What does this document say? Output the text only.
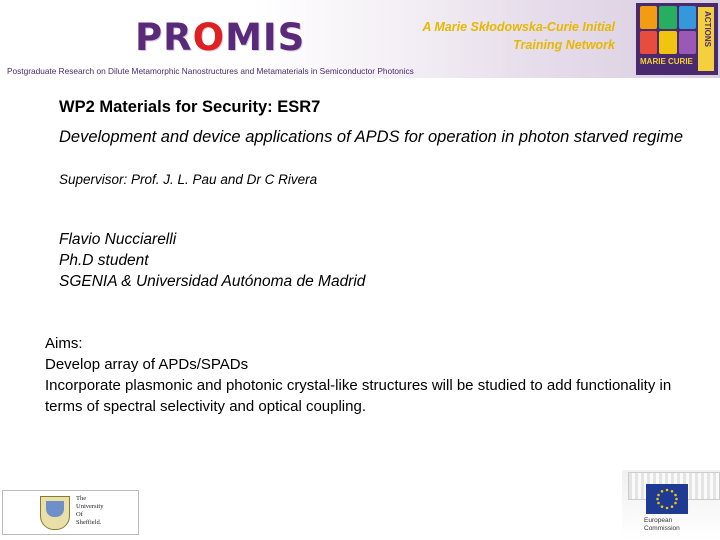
PROMIS	A Marie Skłodowska-Curie Initial
Training Network	ACTIONS
MARIE CURIE
Postgraduate Research on Dilute Metamorphic Nanostructures and Metamaterials in Semiconductor Photonics
WP2 Materials for Security: ESR7
Development and device applications of APDS for operation in photon starved regime
Supervisor: Prof. J. L. Pau and Dr C Rivera
Flavio Nucciarelli
Ph.D student
SGENIA & Universidad Autónoma de Madrid
Aims:
Develop array of APDs/SPADs
Incorporate plasmonic and photonic crystal-like structures will be studied to add functionality in terms of spectral selectivity and optical coupling.
The
University
Of
Sheffield.	European
Commission
